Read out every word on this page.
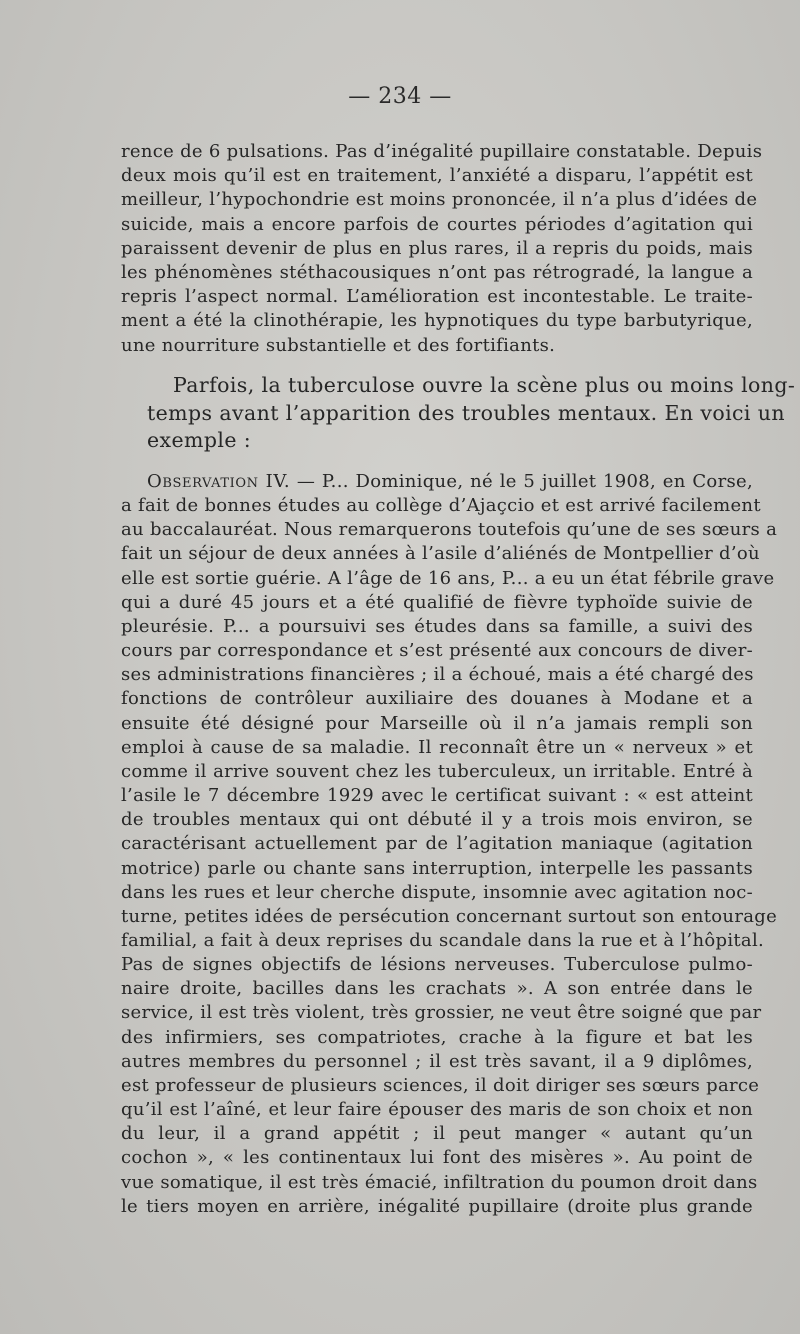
— 234 —
rence de 6 pulsations. Pas d’inégalité pupillaire constatable. Depuis
deux mois qu’il est en traitement, l’anxiété a disparu, l’appétit est
meilleur, l’hypochondrie est moins prononcée, il n’a plus d’idées de
suicide, mais a encore parfois de courtes périodes d’agitation qui
paraissent devenir de plus en plus rares, il a repris du poids, mais
les phénomènes stéthacousiques n’ont pas rétrogradé, la langue a
repris l’aspect normal. L’amélioration est incontestable. Le traite-
ment a été la clinothérapie, les hypnotiques du type barbutyrique,
une nourriture substantielle et des fortifiants.
Parfois, la tuberculose ouvre la scène plus ou moins long-
temps avant l’apparition des troubles mentaux. En voici un
exemple :
Observation IV. — P... Dominique, né le 5 juillet 1908, en Corse,
a fait de bonnes études au collège d’Ajaçcio et est arrivé facilement
au baccalauréat. Nous remarquerons toutefois qu’une de ses sœurs a
fait un séjour de deux années à l’asile d’aliénés de Montpellier d’où
elle est sortie guérie. A l’âge de 16 ans, P... a eu un état fébrile grave
qui a duré 45 jours et a été qualifié de fièvre typhoïde suivie de
pleurésie. P... a poursuivi ses études dans sa famille, a suivi des
cours par correspondance et s’est présenté aux concours de diver-
ses administrations financières ; il a échoué, mais a été chargé des
fonctions de contrôleur auxiliaire des douanes à Modane et a
ensuite été désigné pour Marseille où il n’a jamais rempli son
emploi à cause de sa maladie. Il reconnaît être un « nerveux » et
comme il arrive souvent chez les tuberculeux, un irritable. Entré à
l’asile le 7 décembre 1929 avec le certificat suivant : « est atteint
de troubles mentaux qui ont débuté il y a trois mois environ, se
caractérisant actuellement par de l’agitation maniaque (agitation
motrice) parle ou chante sans interruption, interpelle les passants
dans les rues et leur cherche dispute, insomnie avec agitation noc-
turne, petites idées de persécution concernant surtout son entourage
familial, a fait à deux reprises du scandale dans la rue et à l’hôpital.
Pas de signes objectifs de lésions nerveuses. Tuberculose pulmo-
naire droite, bacilles dans les crachats ». A son entrée dans le
service, il est très violent, très grossier, ne veut être soigné que par
des infirmiers, ses compatriotes, crache à la figure et bat les
autres membres du personnel ; il est très savant, il a 9 diplômes,
est professeur de plusieurs sciences, il doit diriger ses sœurs parce
qu’il est l’aîné, et leur faire épouser des maris de son choix et non
du leur, il a grand appétit ; il peut manger « autant qu’un
cochon », « les continentaux lui font des misères ». Au point de
vue somatique, il est très émacié, infiltration du poumon droit dans
le tiers moyen en arrière, inégalité pupillaire (droite plus grande
